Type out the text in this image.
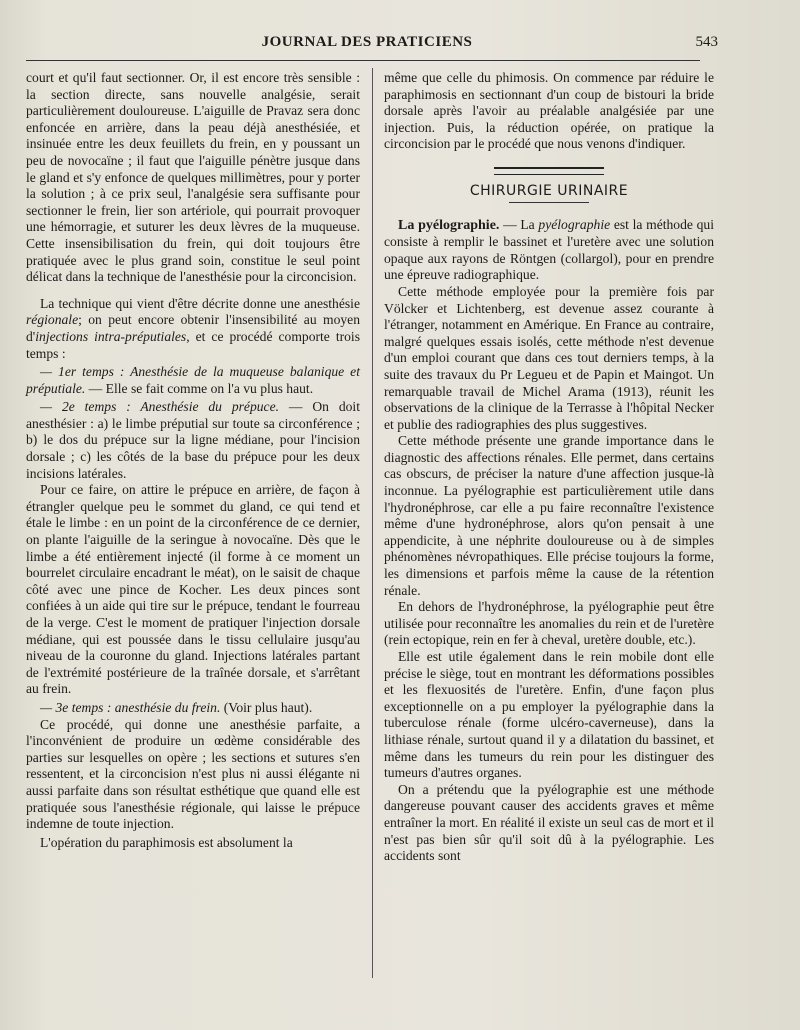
JOURNAL DES PRATICIENS	543

court et qu'il faut sectionner. Or, il est encore très sensible : la section directe, sans nouvelle analgésie, serait particulièrement douloureuse. L'aiguille de Pravaz sera donc enfoncée en arrière, dans la peau déjà anesthésiée, et insinuée entre les deux feuillets du frein, en y poussant un peu de novocaïne ; il faut que l'aiguille pénètre jusque dans le gland et s'y enfonce de quelques millimètres, pour y porter la solution ; à ce prix seul, l'analgésie sera suffisante pour sectionner le frein, lier son artériole, qui pourrait provoquer une hémorragie, et suturer les deux lèvres de la muqueuse. Cette insensibilisation du frein, qui doit toujours être pratiquée avec le plus grand soin, constitue le seul point délicat dans la technique de l'anesthésie pour la circoncision.

La technique qui vient d'être décrite donne une anesthésie régionale; on peut encore obtenir l'insensibilité au moyen d'injections intra-préputiales, et ce procédé comporte trois temps :

— 1er temps : Anesthésie de la muqueuse balanique et préputiale. — Elle se fait comme on l'a vu plus haut.

— 2e temps : Anesthésie du prépuce. — On doit anesthésier : a) le limbe préputial sur toute sa circonférence ; b) le dos du prépuce sur la ligne médiane, pour l'incision dorsale ; c) les côtés de la base du prépuce pour les deux incisions latérales.

Pour ce faire, on attire le prépuce en arrière, de façon à étrangler quelque peu le sommet du gland, ce qui tend et étale le limbe : en un point de la circonférence de ce dernier, on plante l'aiguille de la seringue à novocaïne. Dès que le limbe a été entièrement injecté (il forme à ce moment un bourrelet circulaire encadrant le méat), on le saisit de chaque côté avec une pince de Kocher. Les deux pinces sont confiées à un aide qui tire sur le prépuce, tendant le fourreau de la verge. C'est le moment de pratiquer l'injection dorsale médiane, qui est poussée dans le tissu cellulaire jusqu'au niveau de la couronne du gland. Injections latérales partant de l'extrémité postérieure de la traînée dorsale, et s'arrêtant au frein.

— 3e temps : anesthésie du frein. (Voir plus haut).

Ce procédé, qui donne une anesthésie parfaite, a l'inconvénient de produire un œdème considérable des parties sur lesquelles on opère ; les sections et sutures s'en ressentent, et la circoncision n'est plus ni aussi élégante ni aussi parfaite dans son résultat esthétique que quand elle est pratiquée sous l'anesthésie régionale, qui laisse le prépuce indemne de toute injection.

L'opération du paraphimosis est absolument la

même que celle du phimosis. On commence par réduire le paraphimosis en sectionnant d'un coup de bistouri la bride dorsale après l'avoir au préalable analgésiée par une injection. Puis, la réduction opérée, on pratique la circoncision par le procédé que nous venons d'indiquer.

CHIRURGIE URINAIRE

La pyélographie. — La pyélographie est la méthode qui consiste à remplir le bassinet et l'uretère avec une solution opaque aux rayons de Röntgen (collargol), pour en prendre une épreuve radiographique.

Cette méthode employée pour la première fois par Völcker et Lichtenberg, est devenue assez courante à l'étranger, notamment en Amérique. En France au contraire, malgré quelques essais isolés, cette méthode n'est devenue d'un emploi courant que dans ces tout derniers temps, à la suite des travaux du Pr Legueu et de Papin et Maingot. Un remarquable travail de Michel Arama (1913), réunit les observations de la clinique de la Terrasse à l'hôpital Necker et publie des radiographies des plus suggestives.

Cette méthode présente une grande importance dans le diagnostic des affections rénales. Elle permet, dans certains cas obscurs, de préciser la nature d'une affection jusque-là inconnue. La pyélographie est particulièrement utile dans l'hydronéphrose, car elle a pu faire reconnaître l'existence même d'une hydronéphrose, alors qu'on pensait à une appendicite, à une néphrite douloureuse ou à de simples phénomènes névropathiques. Elle précise toujours la forme, les dimensions et parfois même la cause de la rétention rénale.

En dehors de l'hydronéphrose, la pyélographie peut être utilisée pour reconnaître les anomalies du rein et de l'uretère (rein ectopique, rein en fer à cheval, uretère double, etc.).

Elle est utile également dans le rein mobile dont elle précise le siège, tout en montrant les déformations possibles et les flexuosités de l'uretère. Enfin, d'une façon plus exceptionnelle on a pu employer la pyélographie dans la tuberculose rénale (forme ulcéro-caverneuse), dans la lithiase rénale, surtout quand il y a dilatation du bassinet, et même dans les tumeurs du rein pour les distinguer des tumeurs d'autres organes.

On a prétendu que la pyélographie est une méthode dangereuse pouvant causer des accidents graves et même entraîner la mort. En réalité il existe un seul cas de mort et il n'est pas bien sûr qu'il soit dû à la pyélographie. Les accidents sont
